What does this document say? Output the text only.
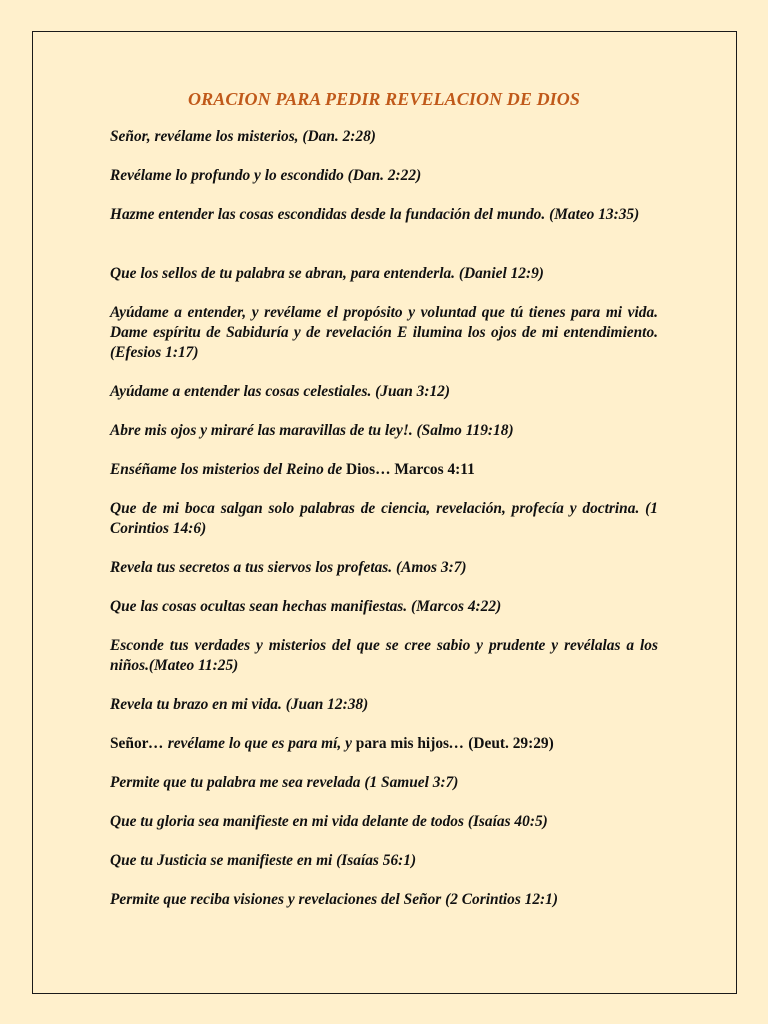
ORACION PARA PEDIR REVELACION DE DIOS

Señor, revélame los misterios, (Dan. 2:28)

Revélame lo profundo y lo escondido (Dan. 2:22)

Hazme entender las cosas escondidas desde la fundación del mundo. (Mateo 13:35)

Que los sellos de tu palabra se abran, para entenderla. (Daniel 12:9)

Ayúdame a entender, y revélame el propósito y voluntad que tú tienes para mi vida. Dame espíritu de Sabiduría y de revelación E ilumina los ojos de mi entendimiento. (Efesios 1:17)

Ayúdame a entender las cosas celestiales. (Juan 3:12)

Abre mis ojos y miraré las maravillas de tu ley!. (Salmo 119:18)

Enséñame los misterios del Reino de Dios… Marcos 4:11

Que de mi boca salgan solo palabras de ciencia, revelación, profecía y doctrina. (1 Corintios 14:6)

Revela tus secretos a tus siervos los profetas. (Amos 3:7)

Que las cosas ocultas sean hechas manifiestas. (Marcos 4:22)

Esconde tus verdades y misterios del que se cree sabio y prudente y revélalas a los niños.(Mateo 11:25)

Revela tu brazo en mi vida. (Juan 12:38)

Señor… revélame lo que es para mí, y para mis hijos… (Deut. 29:29)

Permite que tu palabra me sea revelada (1 Samuel 3:7)

Que tu gloria sea manifieste en mi vida delante de todos (Isaías 40:5)

Que tu Justicia se manifieste en mi (Isaías 56:1)

Permite que reciba visiones y revelaciones del Señor (2 Corintios 12:1)
